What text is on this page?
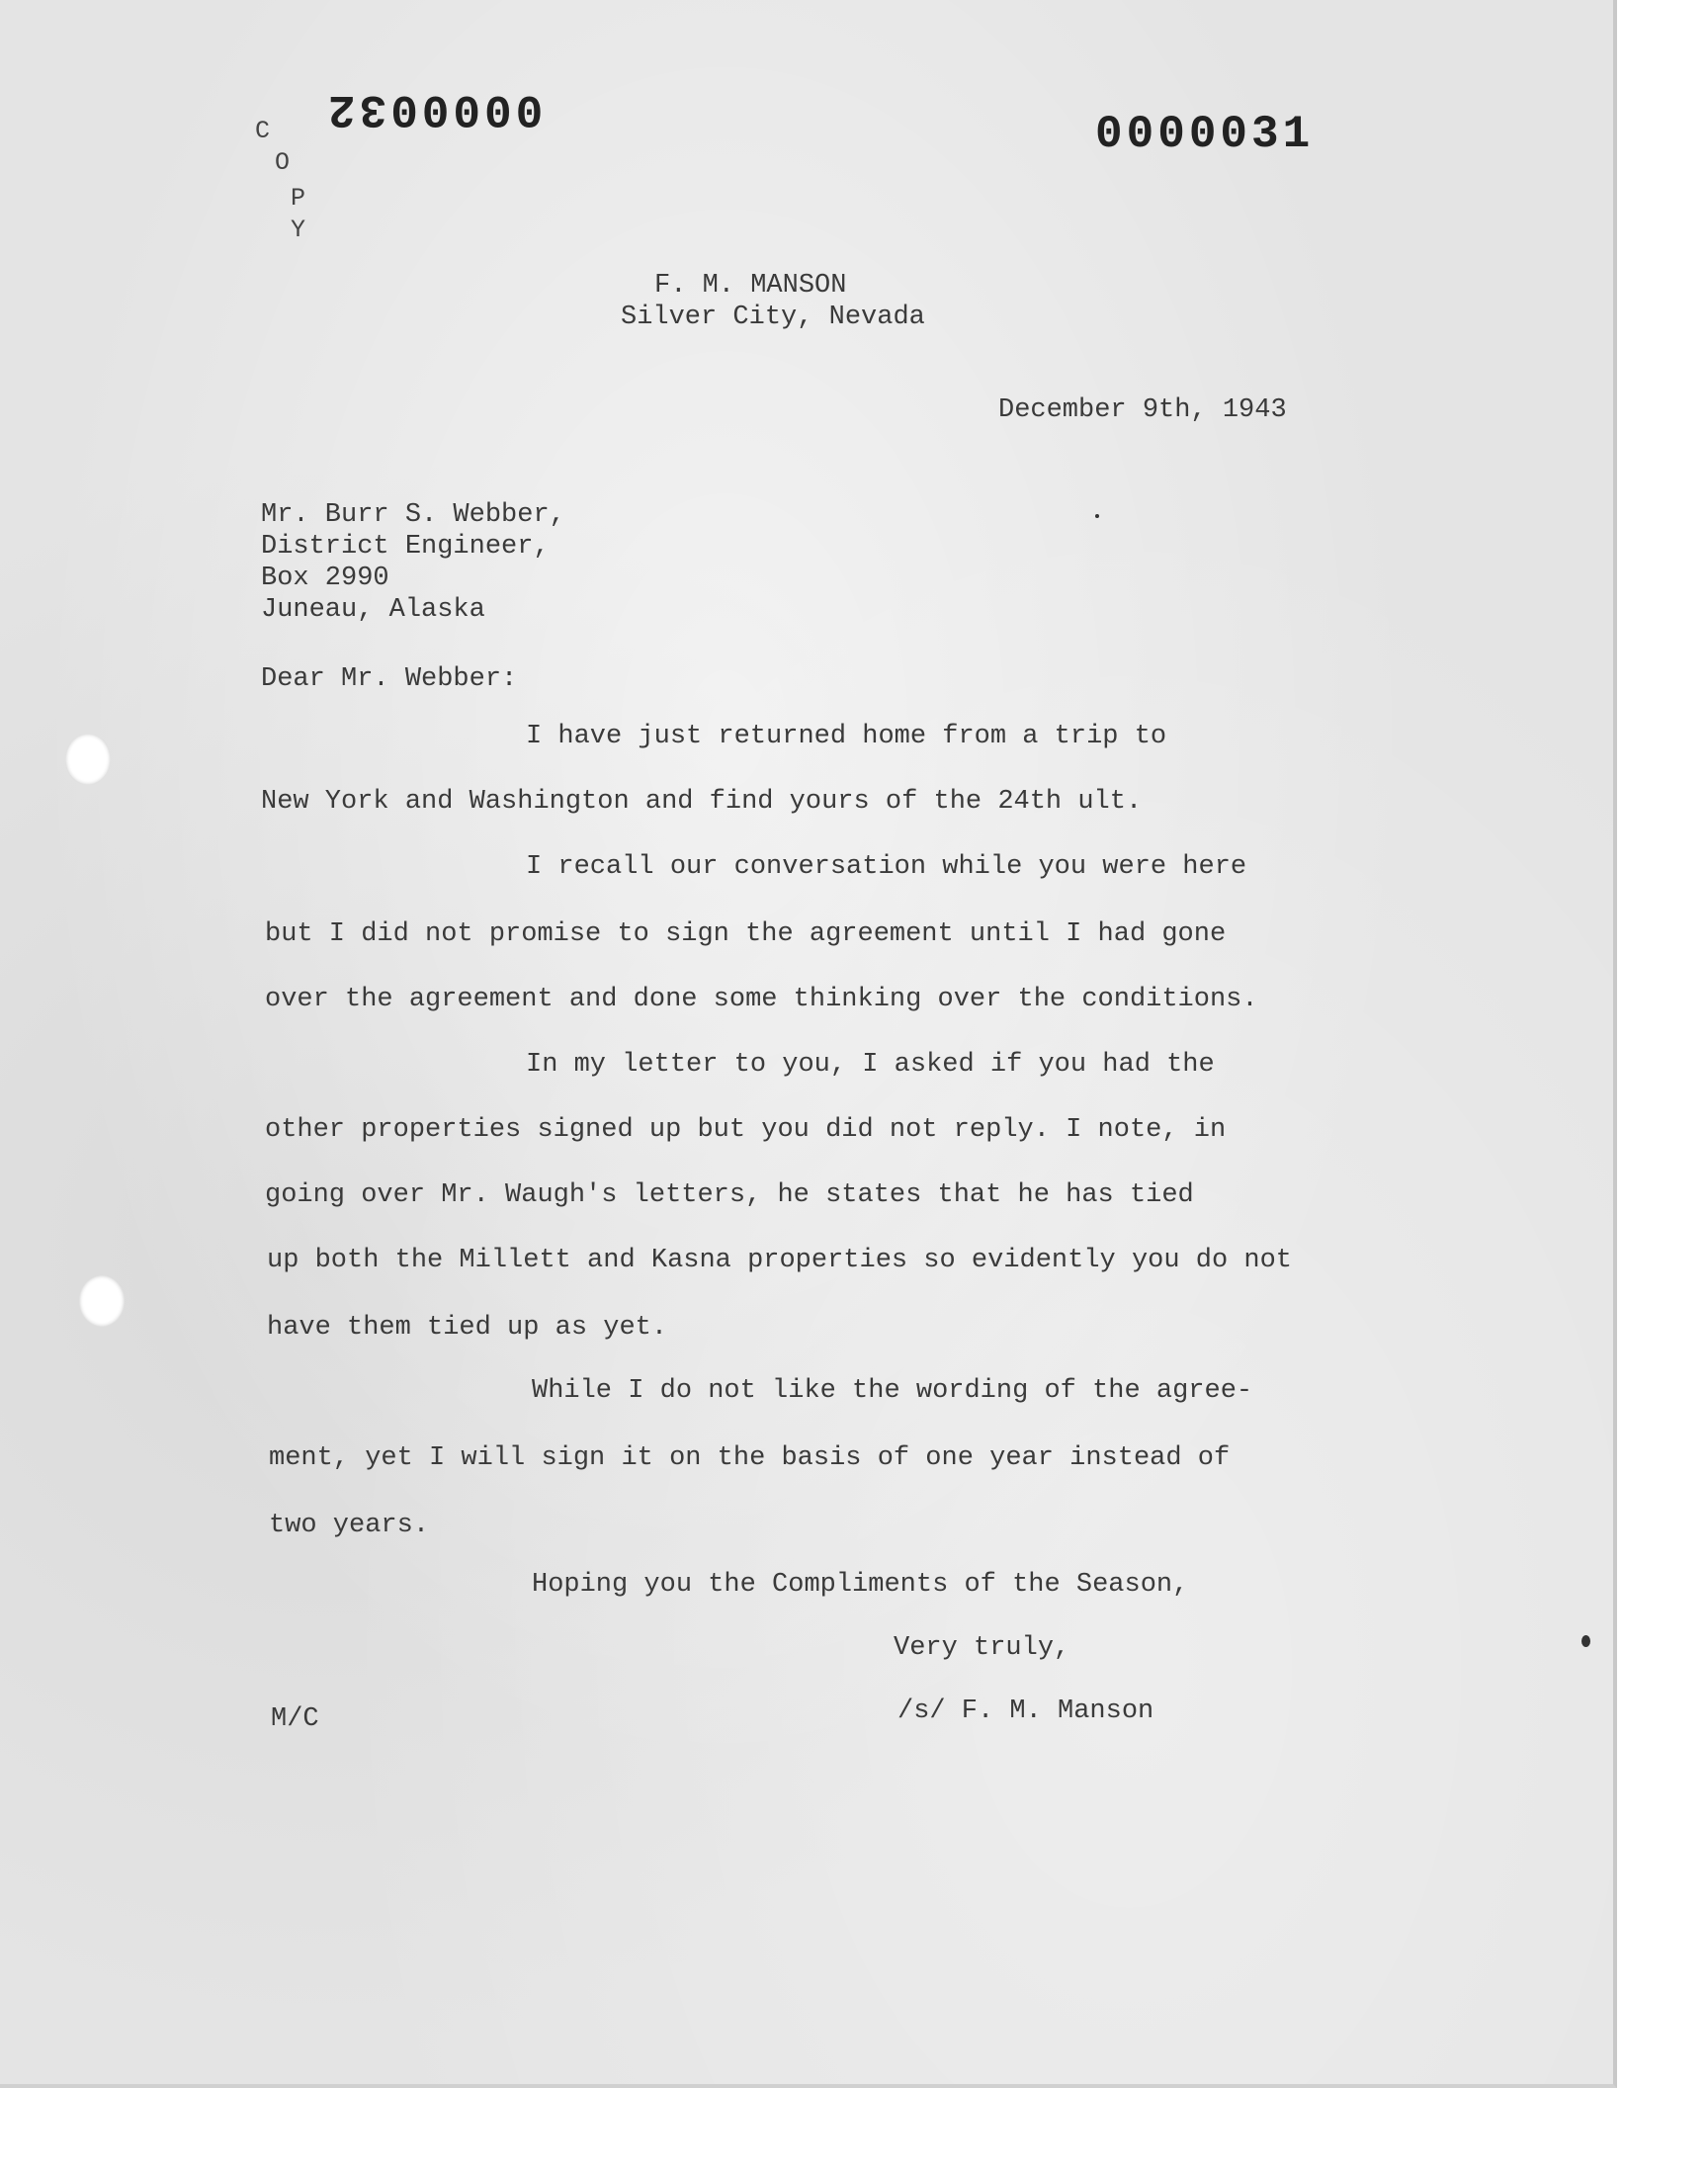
0000032	0000031
C
O
P
Y
F. M. MANSON
Silver City, Nevada
December 9th, 1943
Mr. Burr S. Webber,
District Engineer,
Box 2990
Juneau, Alaska
Dear Mr. Webber:
I have just returned home from a trip to
New York and Washington and find yours of the 24th ult.
I recall our conversation while you were here
but I did not promise to sign the agreement until I had gone
over the agreement and done some thinking over the conditions.
In my letter to you, I asked if you had the
other properties signed up but you did not reply. I note, in
going over Mr. Waugh's letters, he states that he has tied
up both the Millett and Kasna properties so evidently you do not
have them tied up as yet.
While I do not like the wording of the agree-
ment, yet I will sign it on the basis of one year instead of
two years.
Hoping you the Compliments of the Season,
Very truly,
/s/ F. M. Manson
M/C
